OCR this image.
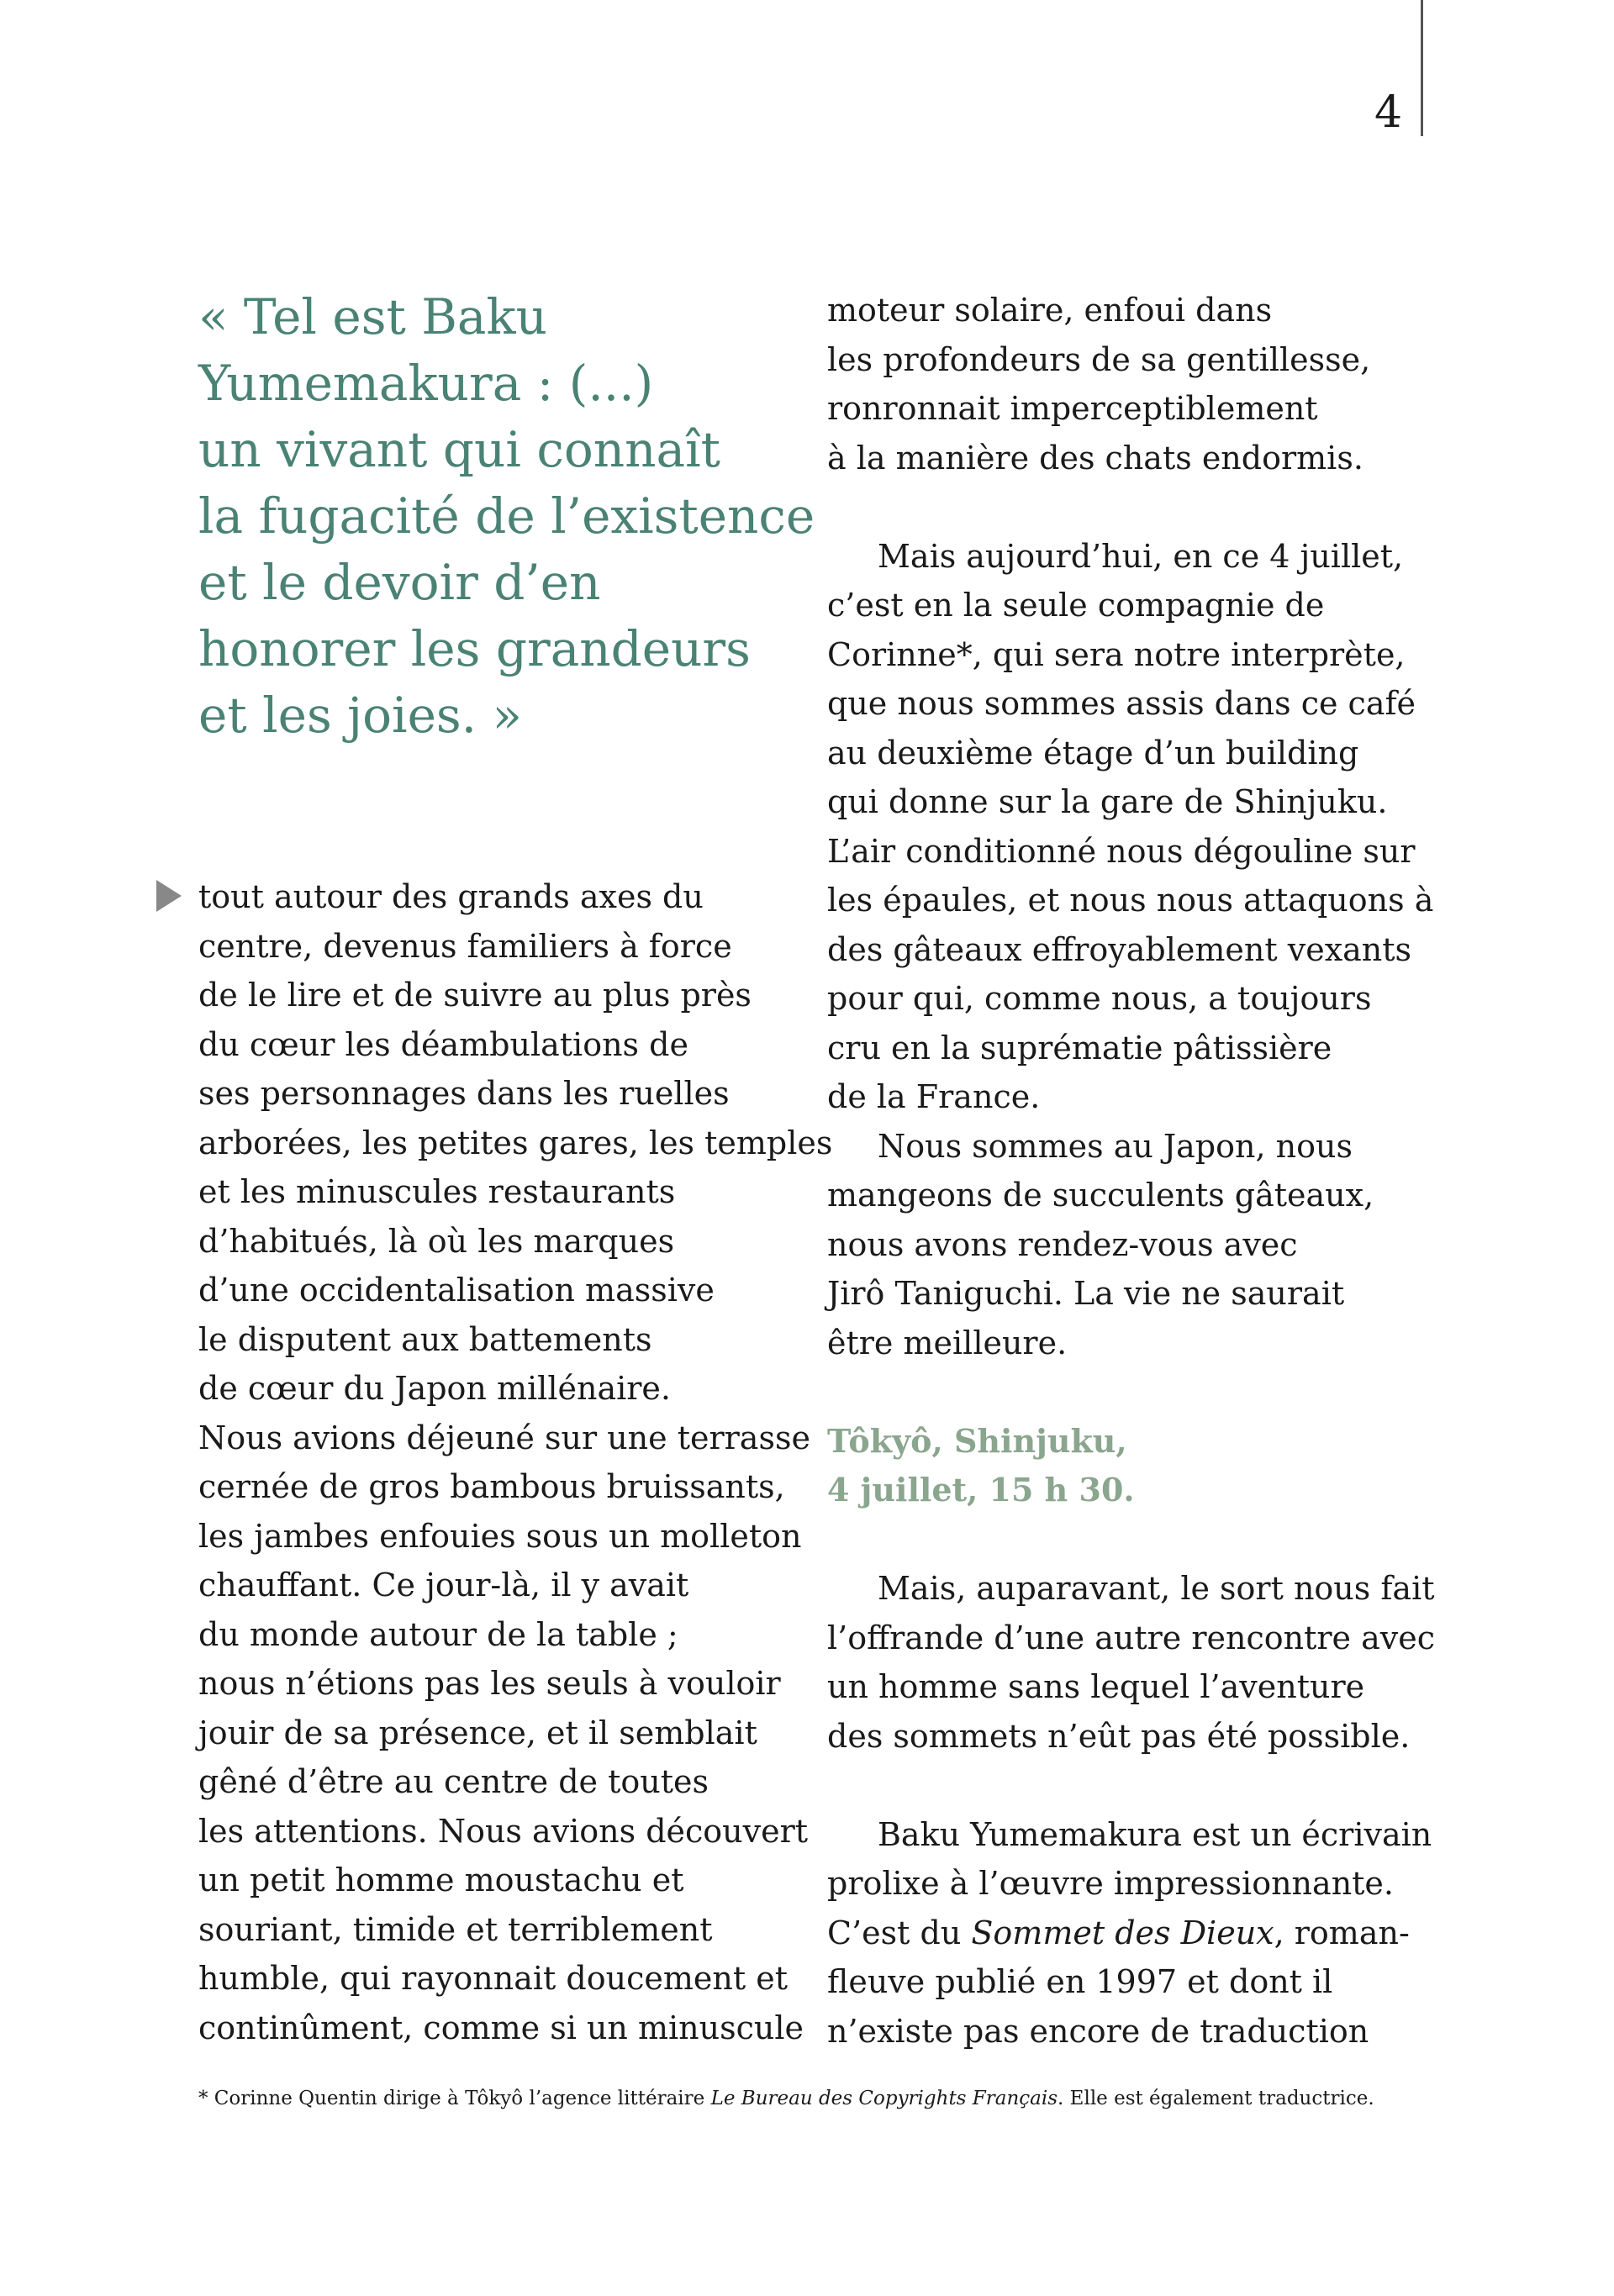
4
« Tel est Baku
Yumemakura : (...)
un vivant qui connaît
la fugacité de l’existence
et le devoir d’en
honorer les grandeurs
et les joies. »
tout autour des grands axes du
centre, devenus familiers à force
de le lire et de suivre au plus près
du cœur les déambulations de
ses personnages dans les ruelles
arborées, les petites gares, les temples
et les minuscules restaurants
d’habitués, là où les marques
d’une occidentalisation massive
le disputent aux battements
de cœur du Japon millénaire.
Nous avions déjeuné sur une terrasse
cernée de gros bambous bruissants,
les jambes enfouies sous un molleton
chauffant. Ce jour-là, il y avait
du monde autour de la table ;
nous n’étions pas les seuls à vouloir
jouir de sa présence, et il semblait
gêné d’être au centre de toutes
les attentions. Nous avions découvert
un petit homme moustachu et
souriant, timide et terriblement
humble, qui rayonnait doucement et
continûment, comme si un minuscule
moteur solaire, enfoui dans
les profondeurs de sa gentillesse,
ronronnait imperceptiblement
à la manière des chats endormis.
Mais aujourd’hui, en ce 4 juillet,
c’est en la seule compagnie de
Corinne*, qui sera notre interprète,
que nous sommes assis dans ce café
au deuxième étage d’un building
qui donne sur la gare de Shinjuku.
L’air conditionné nous dégouline sur
les épaules, et nous nous attaquons à
des gâteaux effroyablement vexants
pour qui, comme nous, a toujours
cru en la suprématie pâtissière
de la France.
Nous sommes au Japon, nous
mangeons de succulents gâteaux,
nous avons rendez-vous avec
Jirô Taniguchi. La vie ne saurait
être meilleure.
Tôkyô, Shinjuku,
4 juillet, 15 h 30.
Mais, auparavant, le sort nous fait
l’offrande d’une autre rencontre avec
un homme sans lequel l’aventure
des sommets n’eût pas été possible.
Baku Yumemakura est un écrivain
prolixe à l’œuvre impressionnante.
C’est du Sommet des Dieux, roman-
fleuve publié en 1997 et dont il
n’existe pas encore de traduction
* Corinne Quentin dirige à Tôkyô l’agence littéraire Le Bureau des Copyrights Français. Elle est également traductrice.
